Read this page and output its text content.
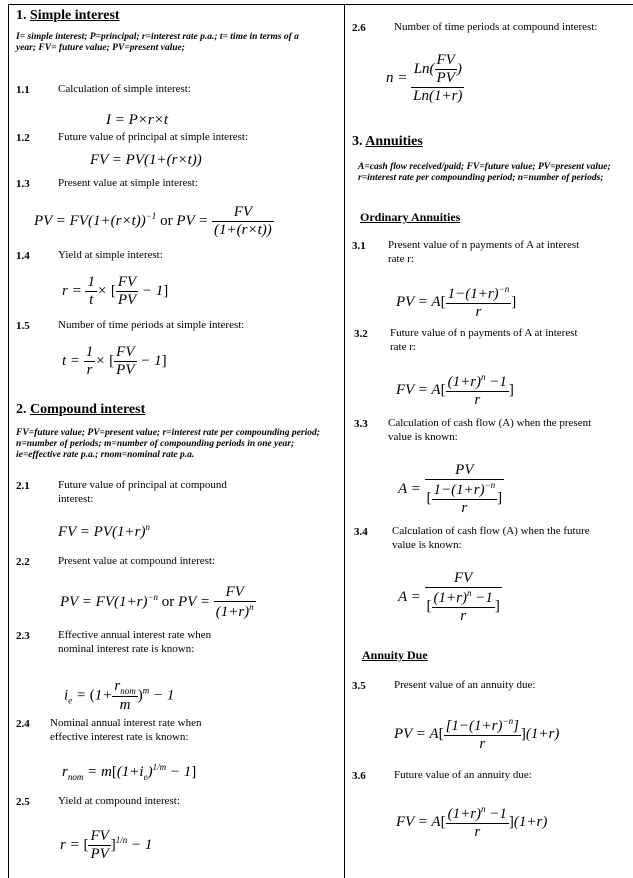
1. Simple interest
I= simple interest; P=principal; r=interest rate p.a.; t= time in terms of a year; FV= future value; PV=present value;
1.1	Calculation of simple interest:
I = P×r×t
1.2	Future value of principal at simple interest:
FV = PV(1+(r×t))
1.3	Present value at simple interest:
PV = $FV(1+(r\times t))^{-1}$ or PV = $\frac{FV}{(1+(r\times t))}$
1.4	Yield at simple interest:
$r = \frac{1}{t}$ × [ $\frac{FV}{PV} - 1$]
1.5	Number of time periods at simple interest:
$t = \frac{1}{r}$ × [ $\frac{FV}{PV} - 1$]
2. Compound interest
FV=future value; PV=present value; r=interest rate per compounding period; n=number of periods; m=number of compounding periods in one year; ie=effective rate p.a.; rnom=nominal rate p.a.
2.1	Future value of principal at compound interest:
FV = $PV(1+r)^n$
2.2	Present value at compound interest:
PV = $FV(1+r)^{-n}$ or PV = $\frac{FV}{(1+r)^n}$
2.3	Effective annual interest rate when nominal interest rate is known:
$i_e = (1+ \frac{r_{nom}}{m} )^m - 1$
2.4 Nominal annual interest rate when effective interest rate is known:
$r_{nom} = m[(1+i_e)^{1/m} - 1]$
2.5	Yield at compound interest:
r = [ $\frac{FV}{PV} ]^{1/n} - 1$
2.6	Number of time periods at compound interest:
$n = \frac{Ln( \frac{FV}{PV} )}{Ln(1+r)}$
3. Annuities
A=cash flow received/paid; FV=future value; PV=present value; r=interest rate per compounding period; n=number of periods;
Ordinary Annuities
3.1 Present value of n payments of A at interest rate r:
PV = $A[ \frac{1-(1+r)^{-n}}{r}$ ]
3.2 Future value of n payments of A at interest rate r:
FV = $A[ \frac{(1+r)^n -1}{r}$ ]
3.3 Calculation of cash flow (A) when the present value is known:
$A = \frac{PV}{[ \frac{1-(1+r)^{-n}}{r} ]}$
3.4 Calculation of cash flow (A) when the future value is known:
$A = \frac{FV}{[ \frac{(1+r)^n -1}{r} ]}$
Annuity Due
3.5	Present value of an annuity due:
PV = $A[ \frac{[1-(1+r)^{-n}]}{r} ](1+r)$
3.6	Future value of an annuity due:
FV = $A[ \frac{(1+r)^n -1}{r} ](1+r)$
